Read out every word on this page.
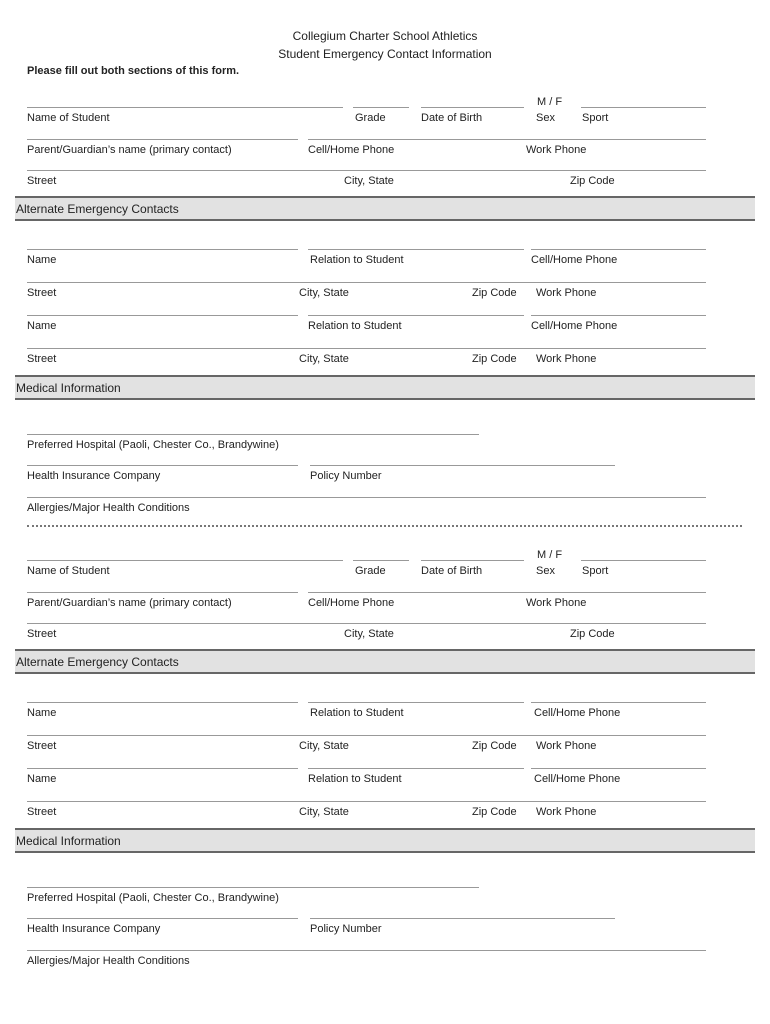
Collegium Charter School Athletics
Student Emergency Contact Information
Please fill out both sections of this form.
M / F
Name of Student	Grade	Date of Birth	Sex Sport
Parent/Guardian’s name (primary contact)	Cell/Home Phone	Work Phone
Street	City, State	Zip Code
Alternate Emergency Contacts
Name	Relation to Student	Cell/Home Phone
Street	City, State	Zip Code Work Phone
Name	Relation to Student	Cell/Home Phone
Street	City, State	Zip Code Work Phone
Medical Information
Preferred Hospital (Paoli, Chester Co., Brandywine)
Health Insurance Company	Policy Number
Allergies/Major Health Conditions
M / F
Name of Student	Grade	Date of Birth	Sex Sport
Parent/Guardian’s name (primary contact)	Cell/Home Phone	Work Phone
Street	City, State	Zip Code
Alternate Emergency Contacts
Name	Relation to Student	Cell/Home Phone
Street	City, State	Zip Code Work Phone
Name	Relation to Student	Cell/Home Phone
Street	City, State	Zip Code Work Phone
Medical Information
Preferred Hospital (Paoli, Chester Co., Brandywine)
Health Insurance Company	Policy Number
Allergies/Major Health Conditions
